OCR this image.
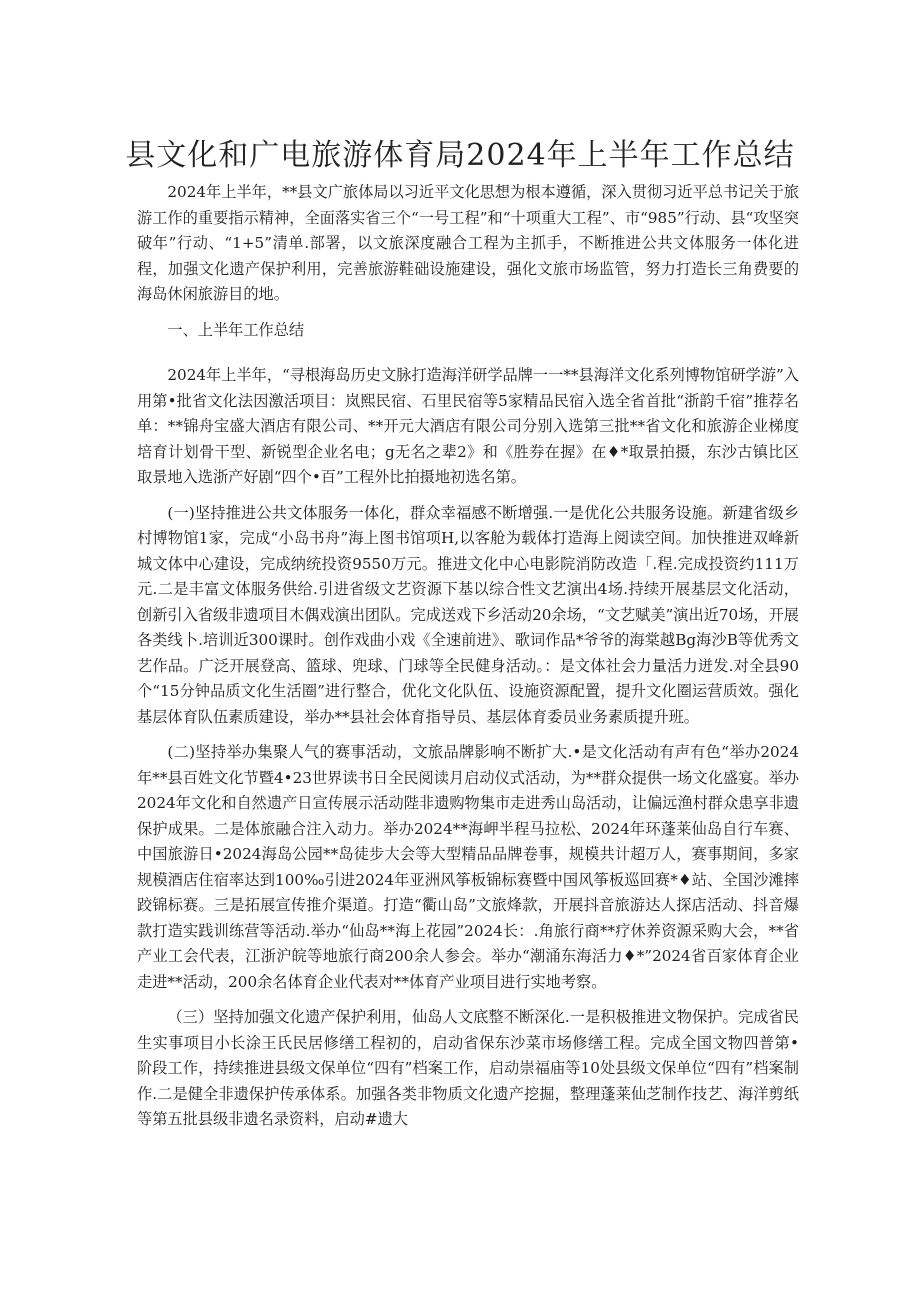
县文化和广电旅游体育局2024年上半年工作总结

2024年上半年，**县文广旅体局以习近平文化思想为根本遵循，深入贯彻习近平总书记关于旅游工作的重要指示精神，全面落实省三个“一号工程”和“十项重大工程”、市“985”行动、县“攻坚突破年”行动、“1+5”清单.部署，以文旅深度融合工程为主抓手，不断推进公共文体服务一体化进程，加强文化遗产保护利用，完善旅游鞋础设施建设，强化文旅市场监管，努力打造长三角费要的海岛休闲旅游目的地。

一、上半年工作总结

2024年上半年，“寻根海岛历史文脉打造海洋研学品牌一一**县海洋文化系列博物馆研学游”入用第•批省文化法因激活项目：岚熙民宿、石里民宿等5家精品民宿入选全省首批“浙韵千宿”推荐名单：**锦舟宝盛大酒店有限公司、**开元大酒店有限公司分别入选第三批**省文化和旅游企业梯度培育计划骨干型、新锐型企业名电；g无名之辈2》和《胜券在握》在♦*取景拍摄，东沙古镇比区取景地入选浙产好剧“四个•百”工程外比拍摄地初选名第。

(一)坚持推进公共文体服务一体化，群众幸福感不断增强.一是优化公共服务设施。新建省级乡村博物馆1家，完成“小岛书舟”海上图书馆项H,以客舱为载体打造海上阅读空间。加快推进双峰新城文体中心建设，完成纳统投资9550万元。推进文化中心电影院消防改造「.程.完成投资约111万元.二是丰富文体服务供给.引进省级文艺资源下基以综合性文艺演出4场.持续开展基层文化活动，创新引入省级非遗项目木偶戏演出团队。完成送戏下乡活动20余场，“文艺赋美”演出近70场，开展各类线卜.培训近300课时。创作戏曲小戏《全速前进》、歌词作品*爷爷的海棠越Bg海沙B等优秀文艺作品。广泛开展登高、篮球、兜球、门球等全民健身活动。：是文体社会力量活力迸发.对全县90个“15分钟品质文化生活圈”进行整合，优化文化队伍、设施资源配置，提升文化圈运营质效。强化基层体育队伍素质建设，举办**县社会体育指导员、基层体育委员业务素质提升班。

(二)坚持举办集聚人气的赛事活动，文旅品牌影响不断扩大.•是文化活动有声有色“举办2024年**县百姓文化节暨4•23世界读书日全民阅读月启动仪式活动，为**群众提供一场文化盛宴。举办2024年文化和自然遗产日宣传展示活动陛非遗购物集市走进秀山岛活动，让偏远渔村群众患享非遗保护成果。二是体旅融合注入动力。举办2024**海岬半程马拉松、2024年环蓬莱仙岛自行车赛、中国旅游日•2024海岛公园**岛徒步大会等大型精品品牌卷事，规模共计超万人，赛事期间，多家规模酒店住宿率达到100‰引进2024年亚洲风筝板锦标赛暨中国风筝板巡回赛*♦站、全国沙滩摔跤锦标赛。三是拓展宣传推介渠道。打造“衢山岛”文旅烽款，开展抖音旅游达人探店活动、抖音爆款打造实践训练营等活动.举办“仙岛**海上花园”2024长：.角旅行商**疗休养资源采购大会，**省产业工会代表，江浙沪皖等地旅行商200余人参会。举办“潮涌东海活力♦*”2024省百家体育企业走进**活动，200余名体育企业代表对**体育产业项目进行实地考察。

（三）坚持加强文化遗产保护利用，仙岛人文底整不断深化.一是积极推进文物保护。完成省民生实事项目小长涂王氏民居修缮工程初的，启动省保东沙菜市场修缮工程。完成全国文物四普第•阶段工作，持续推进县级文保单位“四有”档案工作，启动崇福庙等10处县级文保单位“四有”档案制作.二是健全非遗保护传承体系。加强各类非物质文化遗产挖掘，整理蓬莱仙芝制作技艺、海洋剪纸等第五批县级非遗名录资料，启动#遗大
